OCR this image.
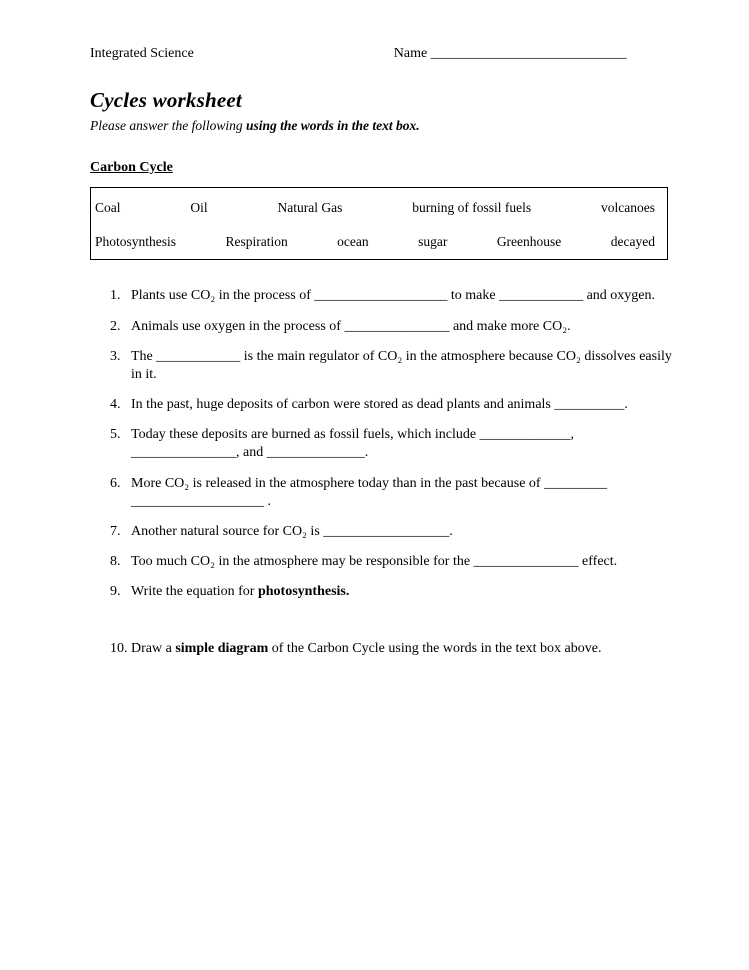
Integrated Science	Name ____________________________
Cycles worksheet

Please answer the following using the words in the text box.

Carbon Cycle
Coal	Oil	Natural Gas	burning of fossil fuels	volcanoes
Photosynthesis	Respiration	ocean	sugar	Greenhouse	decayed
1. Plants use CO₂ in the process of ___________________ to make ____________ and oxygen.
2. Animals use oxygen in the process of _______________ and make more CO₂.
3. The ____________ is the main regulator of CO₂ in the atmosphere because CO₂ dissolves easily in it.
4. In the past, huge deposits of carbon were stored as dead plants and animals __________.
5. Today these deposits are burned as fossil fuels, which include _____________, _______________, and ______________.
6. More CO₂ is released in the atmosphere today than in the past because of _________ ___________________ .
7. Another natural source for CO₂ is __________________.
8. Too much CO₂ in the atmosphere may be responsible for the _______________ effect.
9. Write the equation for photosynthesis.
10. Draw a simple diagram of the Carbon Cycle using the words in the text box above.
